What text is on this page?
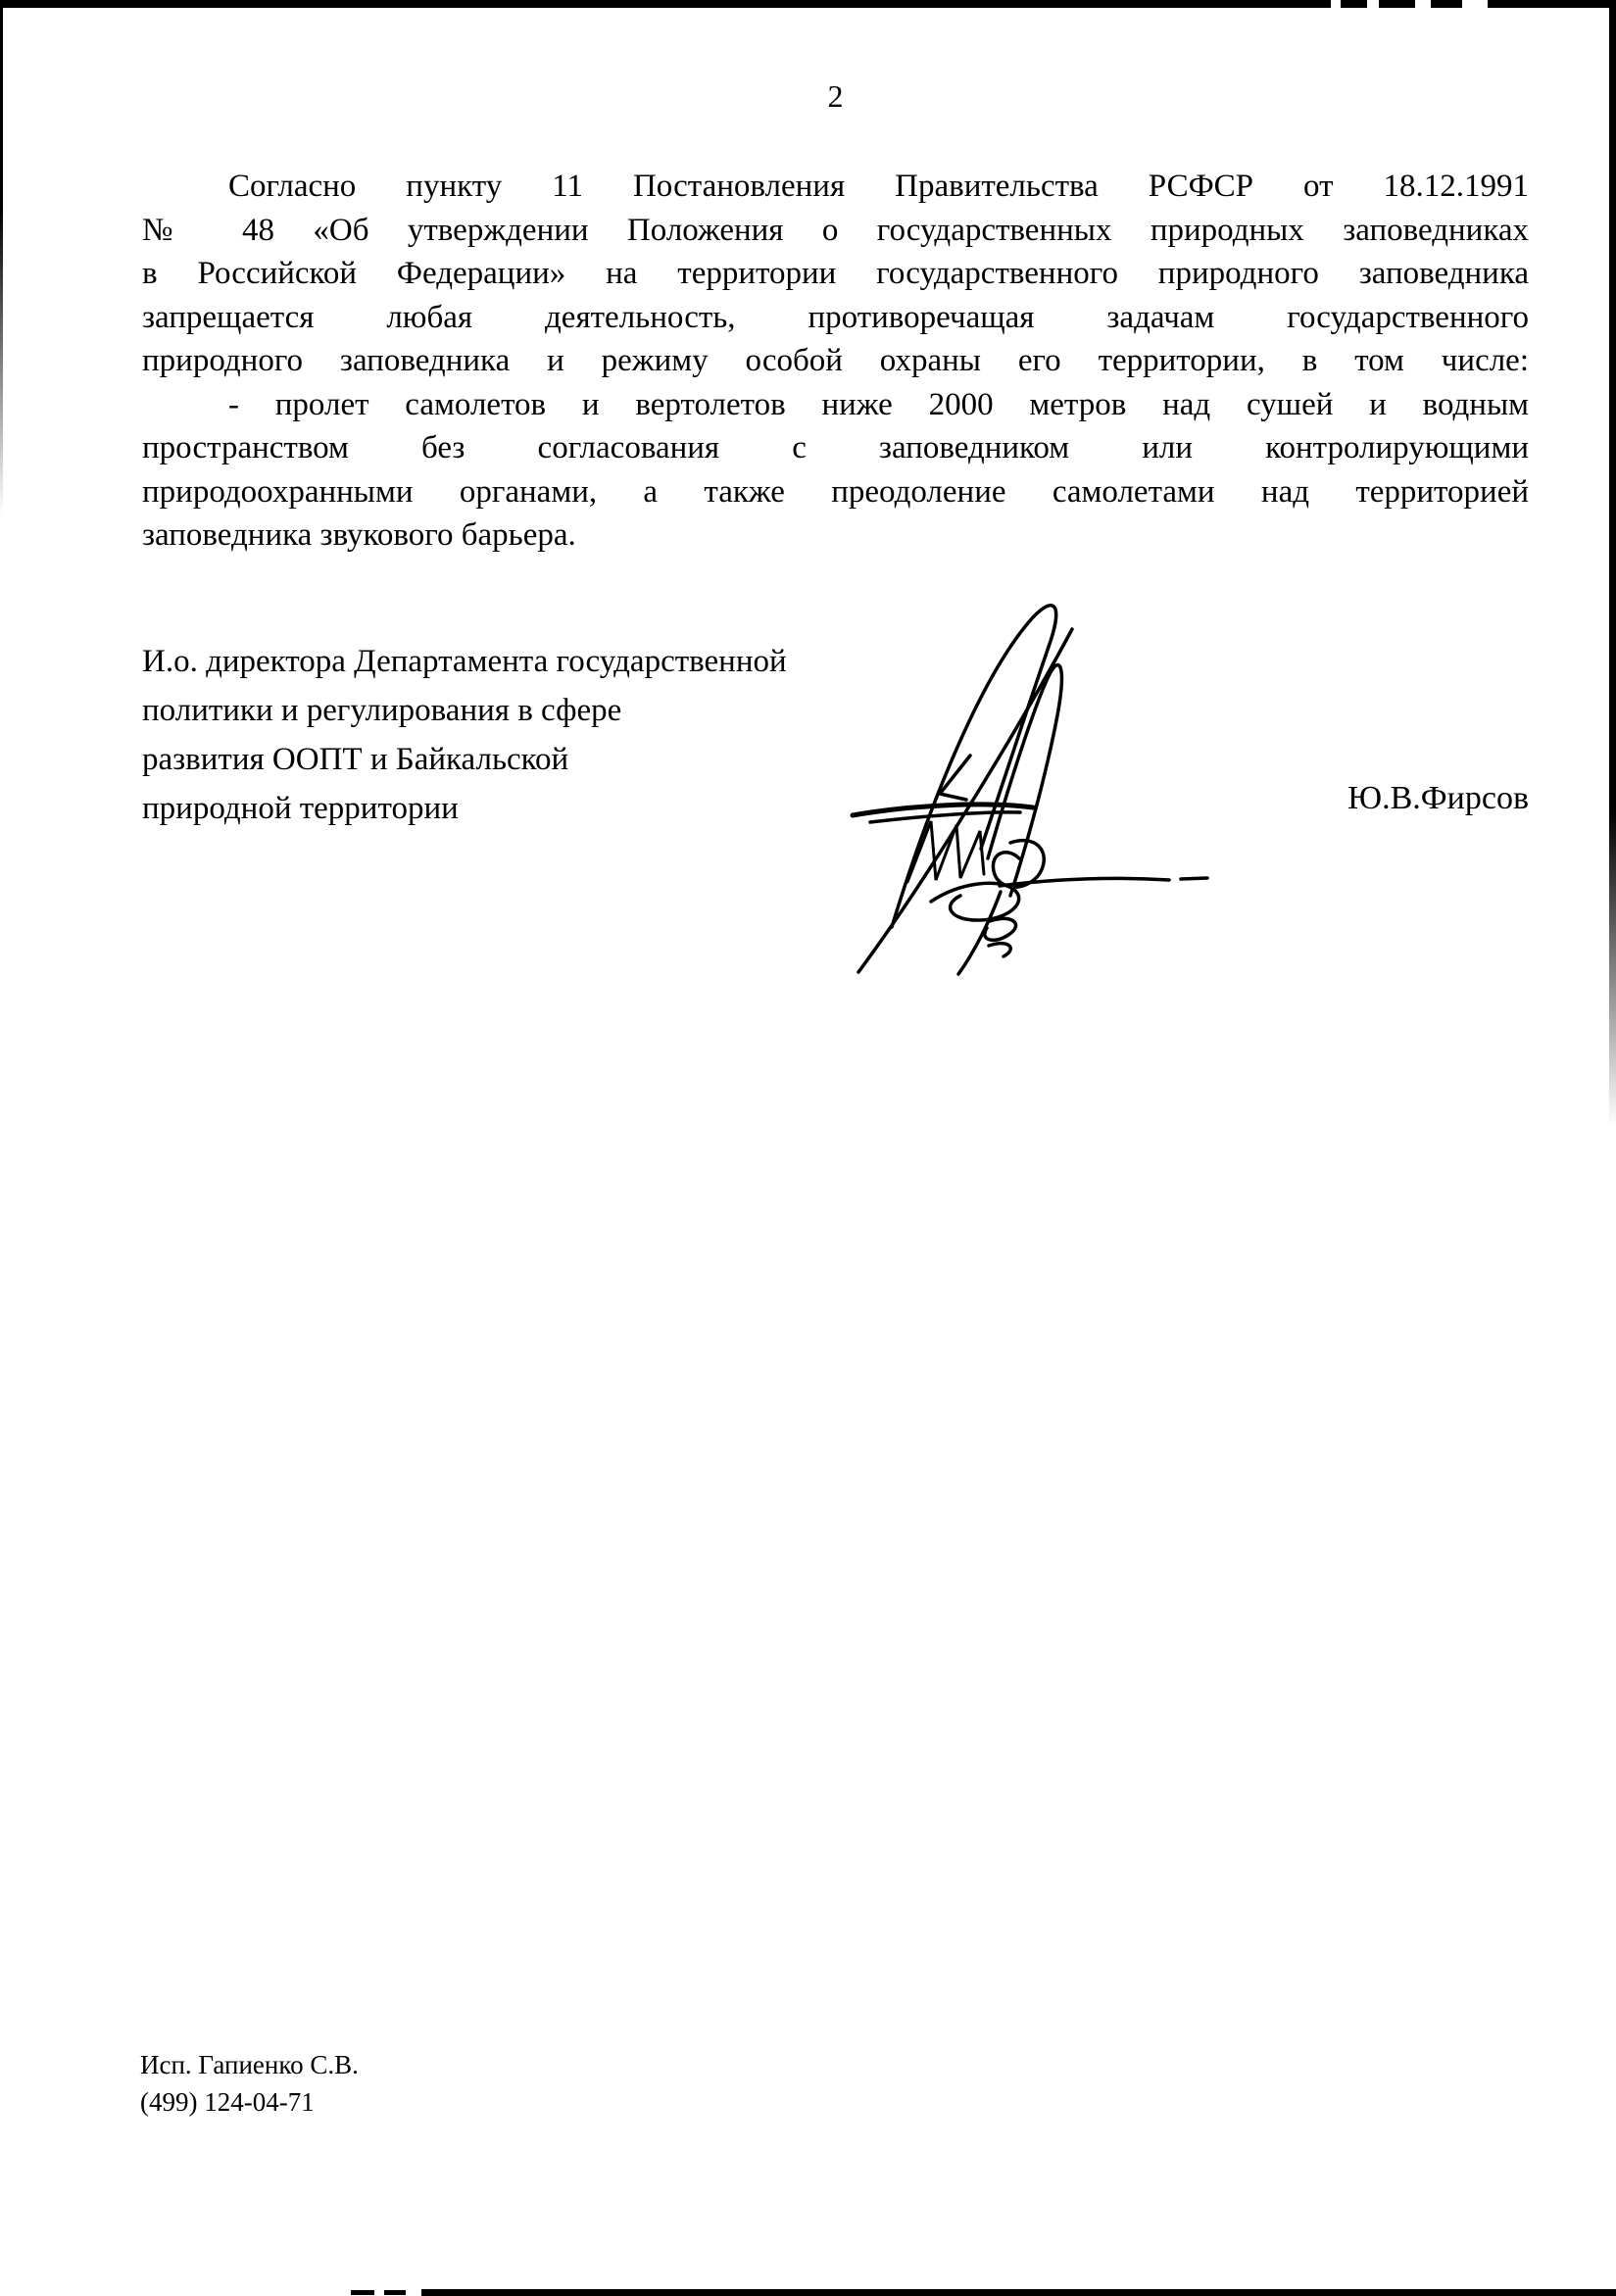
2
Согласно пункту 11 Постановления Правительства РСФСР от 18.12.1991
№ 48 «Об утверждении Положения о государственных природных заповедниках
в Российской Федерации» на территории государственного природного заповедника
запрещается любая деятельность, противоречащая задачам государственного
природного заповедника и режиму особой охраны его территории, в том числе:
- пролет самолетов и вертолетов ниже 2000 метров над сушей и водным
пространством без согласования с заповедником или контролирующими
природоохранными органами, а также преодоление самолетами над территорией
заповедника звукового барьера.
И.о. директора Департамента государственной
политики и регулирования в сфере
развития ООПТ и Байкальской
природной территории	Ю.В.Фирсов
Исп. Гапиенко С.В.
(499) 124-04-71
